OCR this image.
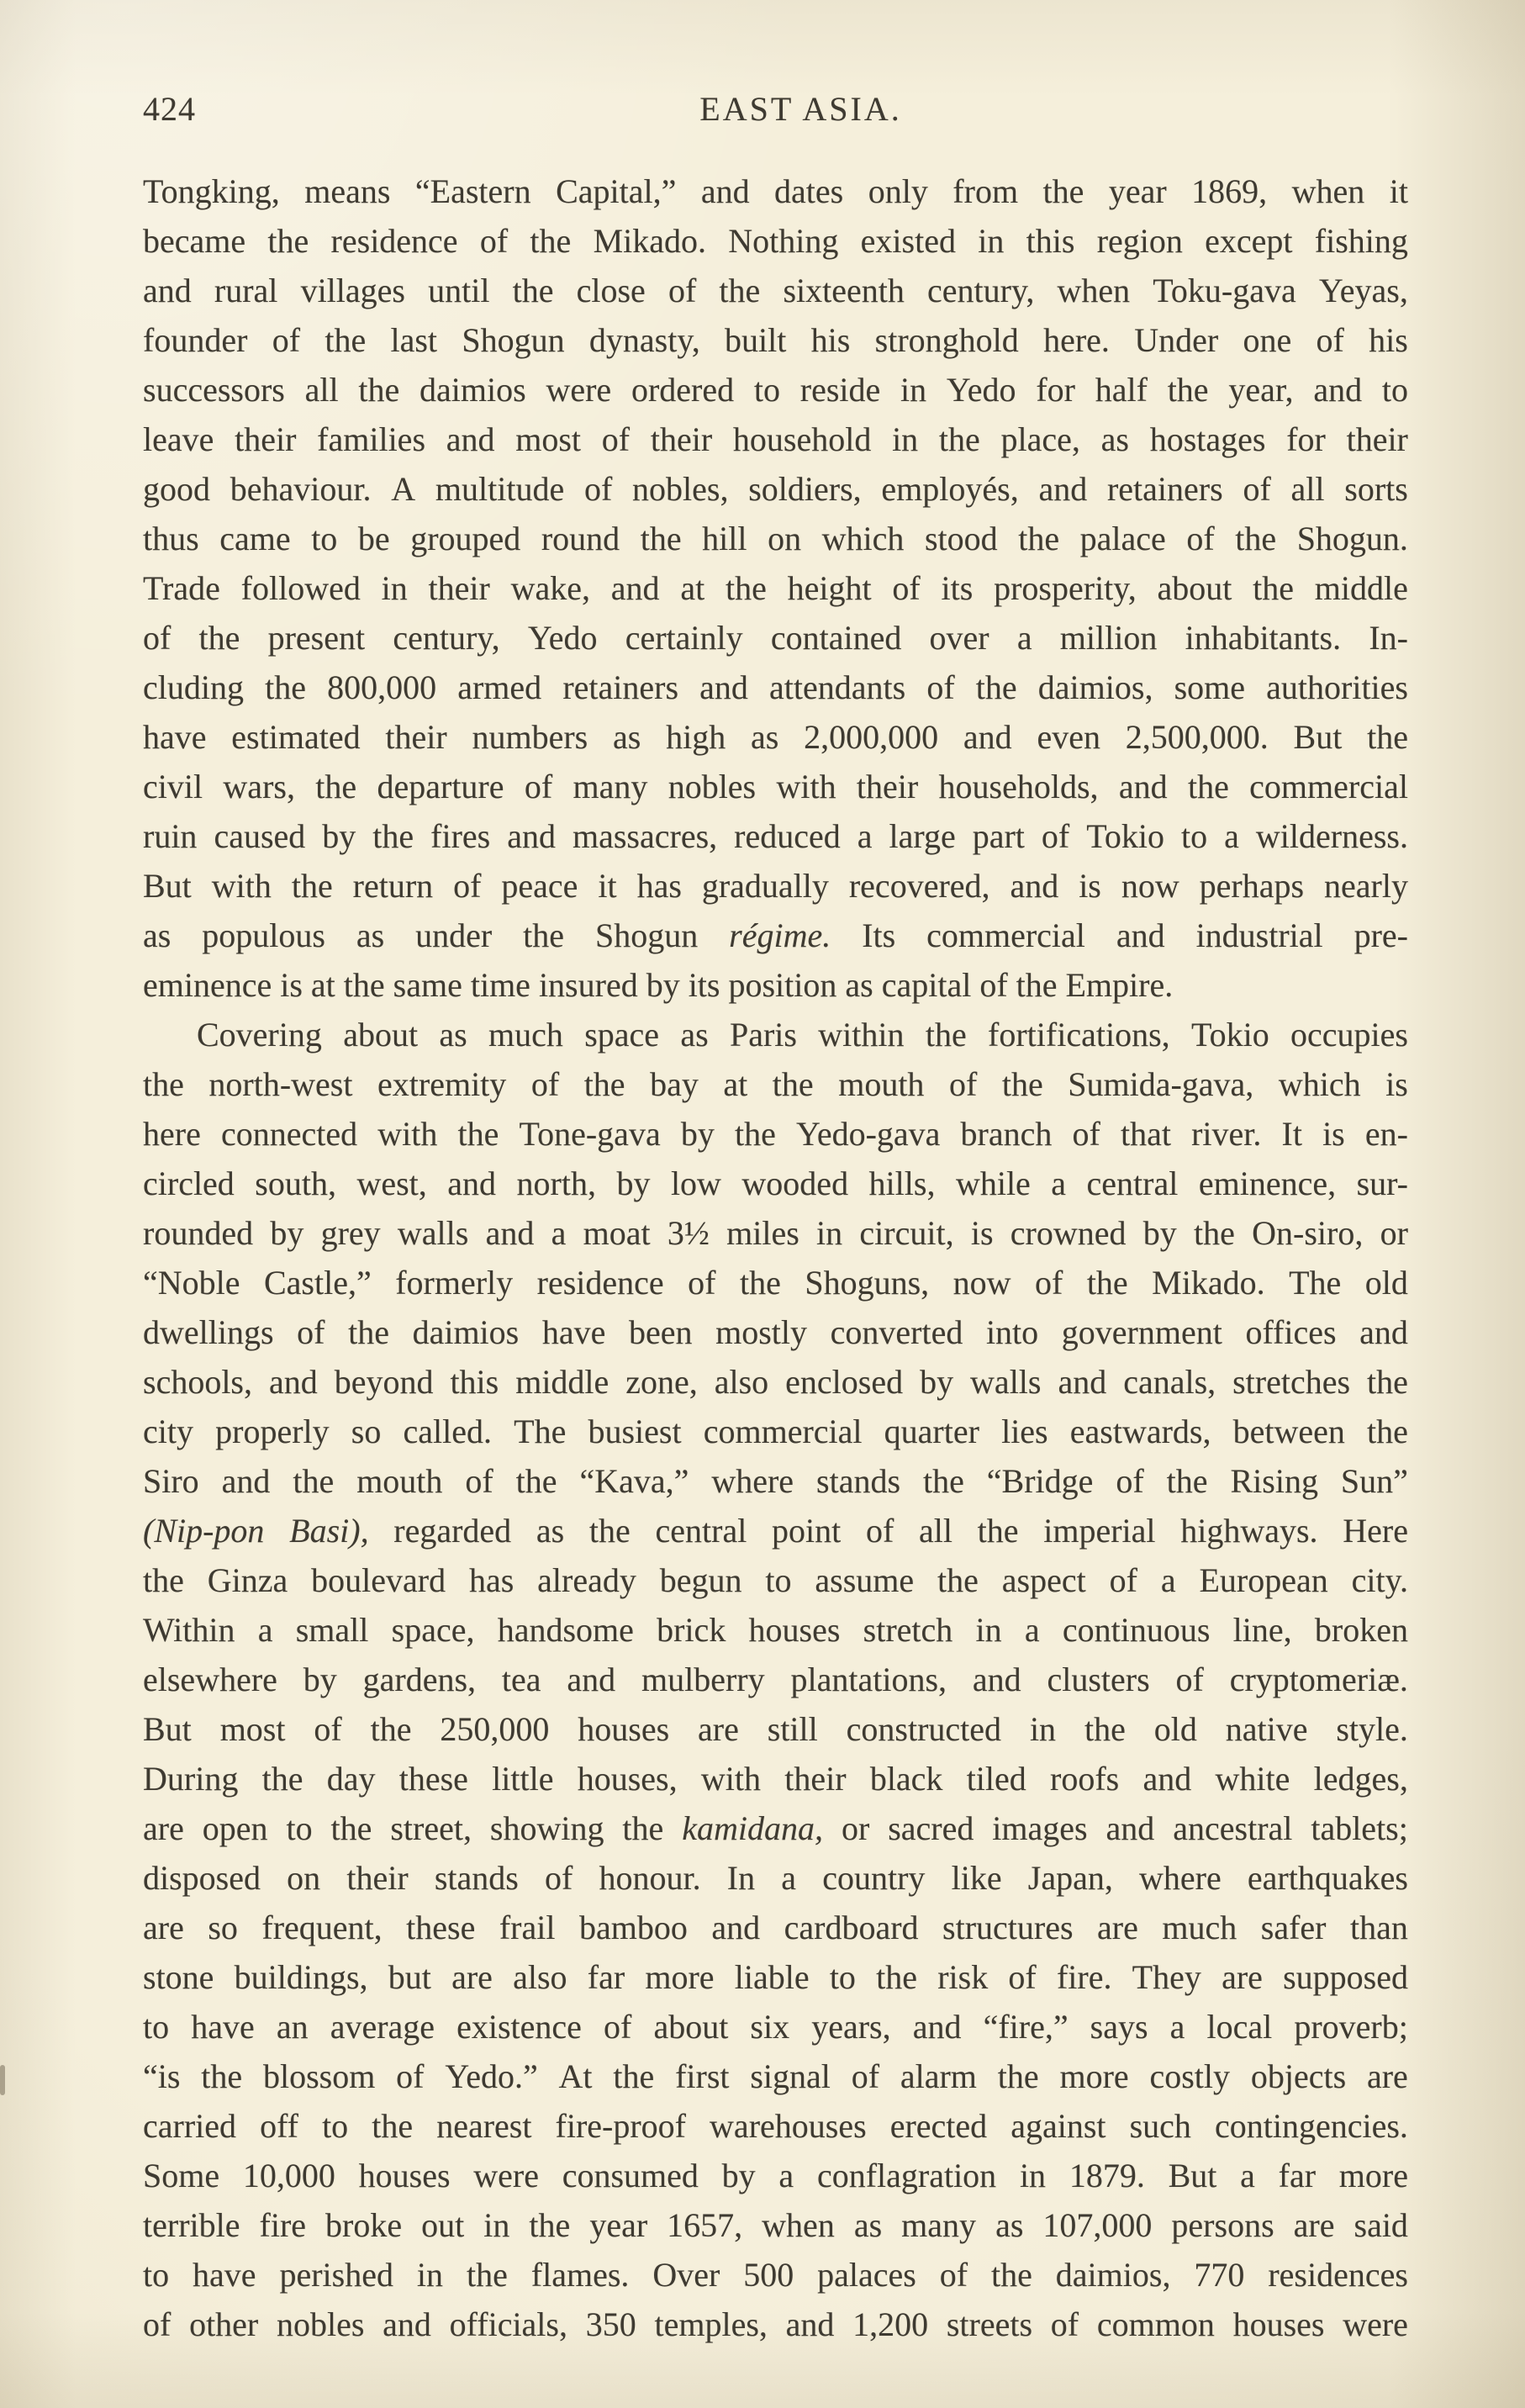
424	EAST ASIA.
Tongking, means “Eastern Capital,” and dates only from the year 1869, when it
became the residence of the Mikado. Nothing existed in this region except fishing
and rural villages until the close of the sixteenth century, when Toku-gava Yeyas,
founder of the last Shogun dynasty, built his stronghold here. Under one of his
successors all the daimios were ordered to reside in Yedo for half the year, and to
leave their families and most of their household in the place, as hostages for their
good behaviour. A multitude of nobles, soldiers, employés, and retainers of all sorts
thus came to be grouped round the hill on which stood the palace of the Shogun.
Trade followed in their wake, and at the height of its prosperity, about the middle
of the present century, Yedo certainly contained over a million inhabitants. In-
cluding the 800,000 armed retainers and attendants of the daimios, some authorities
have estimated their numbers as high as 2,000,000 and even 2,500,000. But the
civil wars, the departure of many nobles with their households, and the commercial
ruin caused by the fires and massacres, reduced a large part of Tokio to a wilderness.
But with the return of peace it has gradually recovered, and is now perhaps nearly
as populous as under the Shogun régime. Its commercial and industrial pre-
eminence is at the same time insured by its position as capital of the Empire.
Covering about as much space as Paris within the fortifications, Tokio occupies
the north-west extremity of the bay at the mouth of the Sumida-gava, which is
here connected with the Tone-gava by the Yedo-gava branch of that river. It is en-
circled south, west, and north, by low wooded hills, while a central eminence, sur-
rounded by grey walls and a moat 3½ miles in circuit, is crowned by the On-siro, or
“Noble Castle,” formerly residence of the Shoguns, now of the Mikado. The old
dwellings of the daimios have been mostly converted into government offices and
schools, and beyond this middle zone, also enclosed by walls and canals, stretches the
city properly so called. The busiest commercial quarter lies eastwards, between the
Siro and the mouth of the “Kava,” where stands the “Bridge of the Rising Sun”
(Nip-pon Basi), regarded as the central point of all the imperial highways. Here
the Ginza boulevard has already begun to assume the aspect of a European city.
Within a small space, handsome brick houses stretch in a continuous line, broken
elsewhere by gardens, tea and mulberry plantations, and clusters of cryptomeriæ.
But most of the 250,000 houses are still constructed in the old native style.
During the day these little houses, with their black tiled roofs and white ledges,
are open to the street, showing the kamidana, or sacred images and ancestral tablets;
disposed on their stands of honour. In a country like Japan, where earthquakes
are so frequent, these frail bamboo and cardboard structures are much safer than
stone buildings, but are also far more liable to the risk of fire. They are supposed
to have an average existence of about six years, and “fire,” says a local proverb;
“is the blossom of Yedo.” At the first signal of alarm the more costly objects are
carried off to the nearest fire-proof warehouses erected against such contingencies.
Some 10,000 houses were consumed by a conflagration in 1879. But a far more
terrible fire broke out in the year 1657, when as many as 107,000 persons are said
to have perished in the flames. Over 500 palaces of the daimios, 770 residences
of other nobles and officials, 350 temples, and 1,200 streets of common houses were
